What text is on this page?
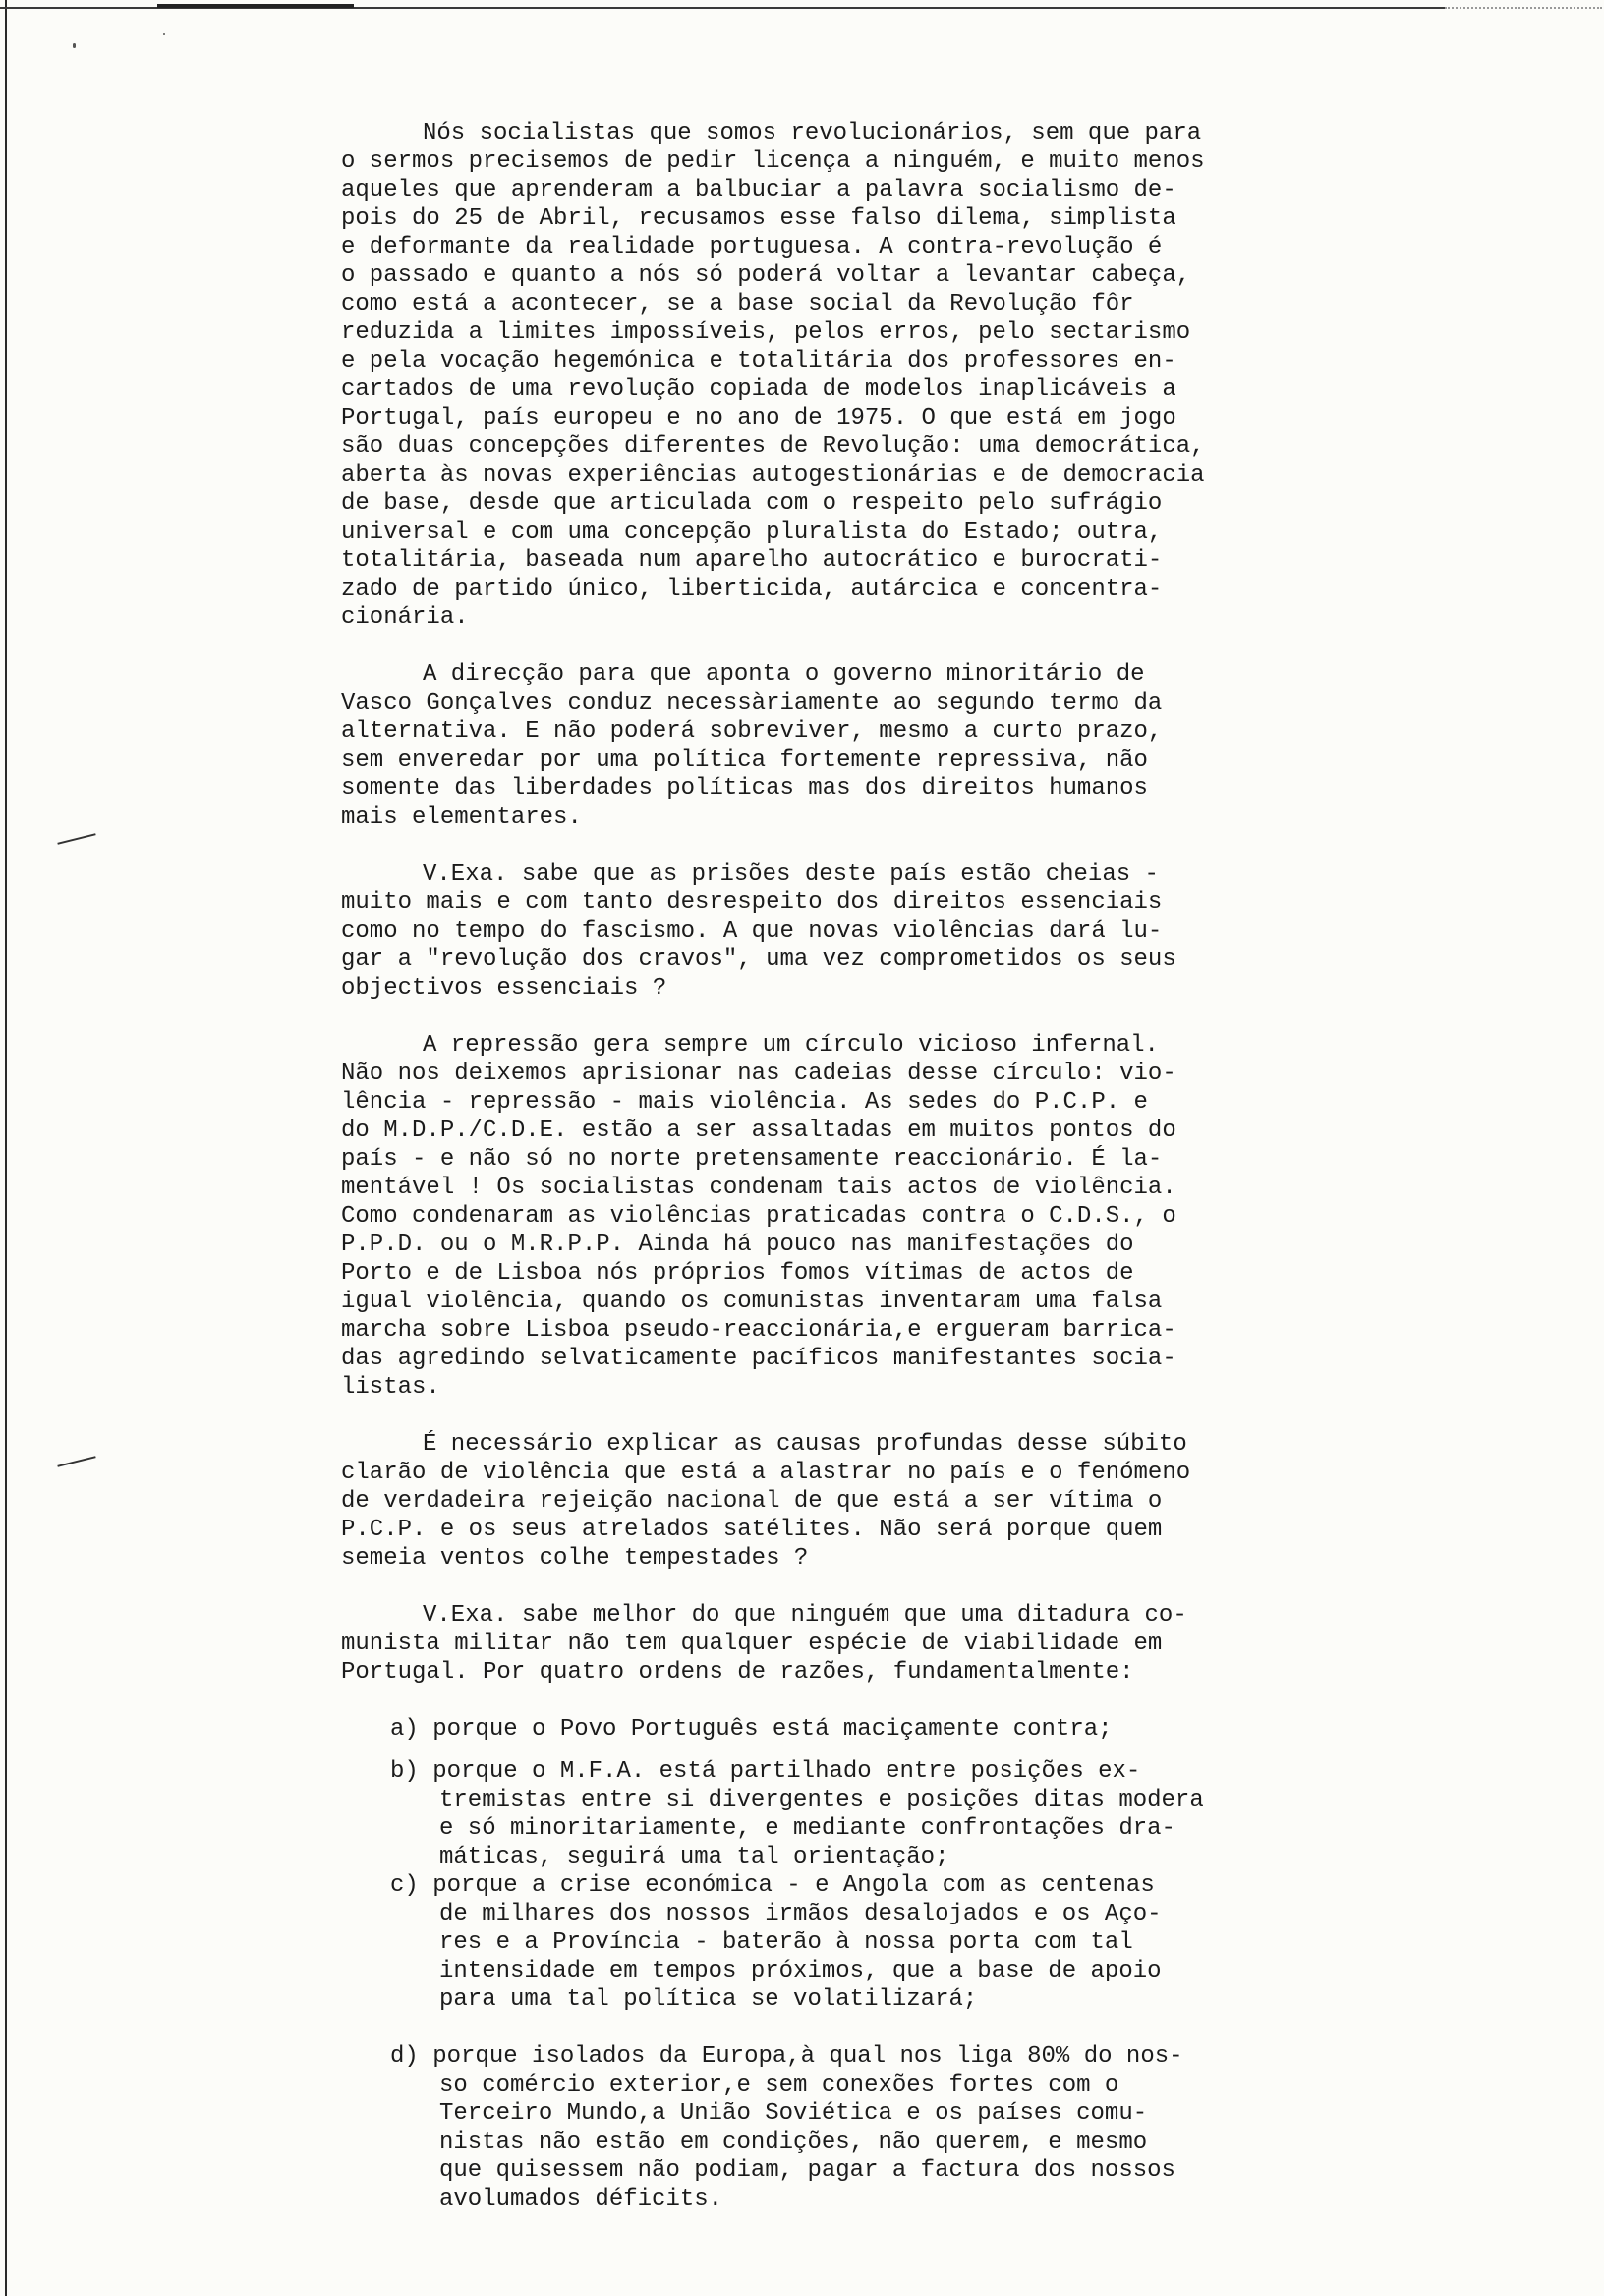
Nós socialistas que somos revolucionários, sem que para

o sermos precisemos de pedir licença a ninguém, e muito menos

aqueles que aprenderam a balbuciar a palavra socialismo de-

pois do 25 de Abril, recusamos esse falso dilema, simplista

e deformante da realidade portuguesa. A contra-revolução é

o passado e quanto a nós só poderá voltar a levantar cabeça,

como está a acontecer, se a base social da Revolução fôr

reduzida a limites impossíveis, pelos erros, pelo sectarismo

e pela vocação hegemónica e totalitária dos professores en-

cartados de uma revolução copiada de modelos inaplicáveis a

Portugal, país europeu e no ano de 1975. O que está em jogo

são duas concepções diferentes de Revolução: uma democrática,

aberta às novas experiências autogestionárias e de democracia

de base, desde que articulada com o respeito pelo sufrágio

universal e com uma concepção pluralista do Estado; outra,

totalitária, baseada num aparelho autocrático e burocrati-

zado de partido único, liberticida, autárcica e concentra-

cionária.

A direcção para que aponta o governo minoritário de

Vasco Gonçalves conduz necessàriamente ao segundo termo da

alternativa. E não poderá sobreviver, mesmo a curto prazo,

sem enveredar por uma política fortemente repressiva, não

somente das liberdades políticas mas dos direitos humanos

mais elementares.

V.Exa. sabe que as prisões deste país estão cheias -

muito mais e com tanto desrespeito dos direitos essenciais

como no tempo do fascismo. A que novas violências dará lu-

gar a "revolução dos cravos", uma vez comprometidos os seus

objectivos essenciais ?

A repressão gera sempre um círculo vicioso infernal.

Não nos deixemos aprisionar nas cadeias desse círculo: vio-

lência - repressão - mais violência. As sedes do P.C.P. e

do M.D.P./C.D.E. estão a ser assaltadas em muitos pontos do

país - e não só no norte pretensamente reaccionário. É la-

mentável ! Os socialistas condenam tais actos de violência.

Como condenaram as violências praticadas contra o C.D.S., o

P.P.D. ou o M.R.P.P. Ainda há pouco nas manifestações do

Porto e de Lisboa nós próprios fomos vítimas de actos de

igual violência, quando os comunistas inventaram uma falsa

marcha sobre Lisboa pseudo-reaccionária,e ergueram barrica-

das agredindo selvaticamente pacíficos manifestantes socia-

listas.

É necessário explicar as causas profundas desse súbito

clarão de violência que está a alastrar no país e o fenómeno

de verdadeira rejeição nacional de que está a ser vítima o

P.C.P. e os seus atrelados satélites. Não será porque quem

semeia ventos colhe tempestades ?

V.Exa. sabe melhor do que ninguém que uma ditadura co-

munista militar não tem qualquer espécie de viabilidade em

Portugal. Por quatro ordens de razões, fundamentalmente:

a) porque o Povo Português está maciçamente contra;

b) porque o M.F.A. está partilhado entre posições ex-

tremistas entre si divergentes e posições ditas modera

e só minoritariamente, e mediante confrontações dra-

máticas, seguirá uma tal orientação;

c) porque a crise económica - e Angola com as centenas

de milhares dos nossos irmãos desalojados e os Aço-

res e a Província - baterão à nossa porta com tal

intensidade em tempos próximos, que a base de apoio

para uma tal política se volatilizará;

d) porque isolados da Europa,à qual nos liga 80% do nos-

so comércio exterior,e sem conexões fortes com o

Terceiro Mundo,a União Soviética e os países comu-

nistas não estão em condições, não querem, e mesmo

que quisessem não podiam, pagar a factura dos nossos

avolumados déficits.
